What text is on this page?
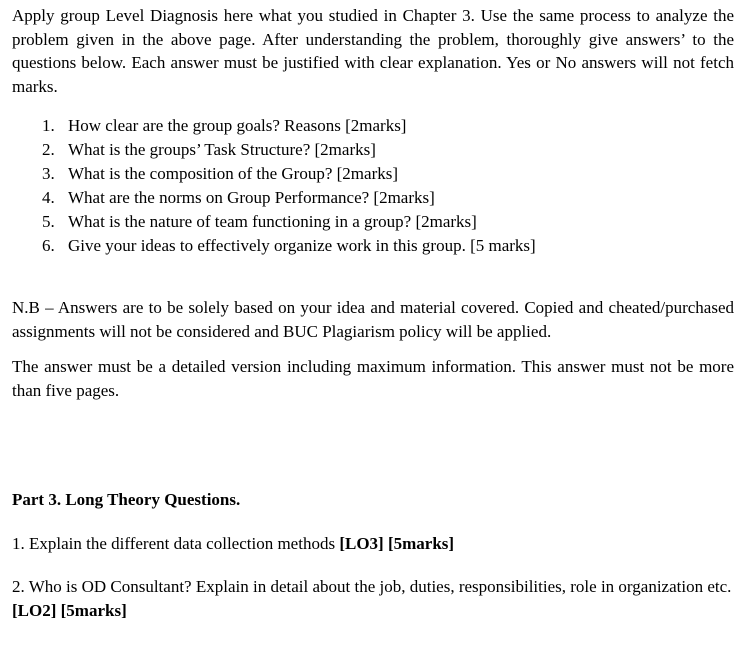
Apply group Level Diagnosis here what you studied in Chapter 3. Use the same process to analyze the problem given in the above page. After understanding the problem, thoroughly give answers’ to the questions below. Each answer must be justified with clear explanation. Yes or No answers will not fetch marks.

1. How clear are the group goals? Reasons [2marks]
2. What is the groups’ Task Structure? [2marks]
3. What is the composition of the Group? [2marks]
4. What are the norms on Group Performance? [2marks]
5. What is the nature of team functioning in a group? [2marks]
6. Give your ideas to effectively organize work in this group. [5 marks]

N.B – Answers are to be solely based on your idea and material covered. Copied and cheated/purchased assignments will not be considered and BUC Plagiarism policy will be applied.

The answer must be a detailed version including maximum information. This answer must not be more than five pages.

Part 3. Long Theory Questions.

1. Explain the different data collection methods [LO3] [5marks]

2. Who is OD Consultant? Explain in detail about the job, duties, responsibilities, role in organization etc. [LO2] [5marks]
